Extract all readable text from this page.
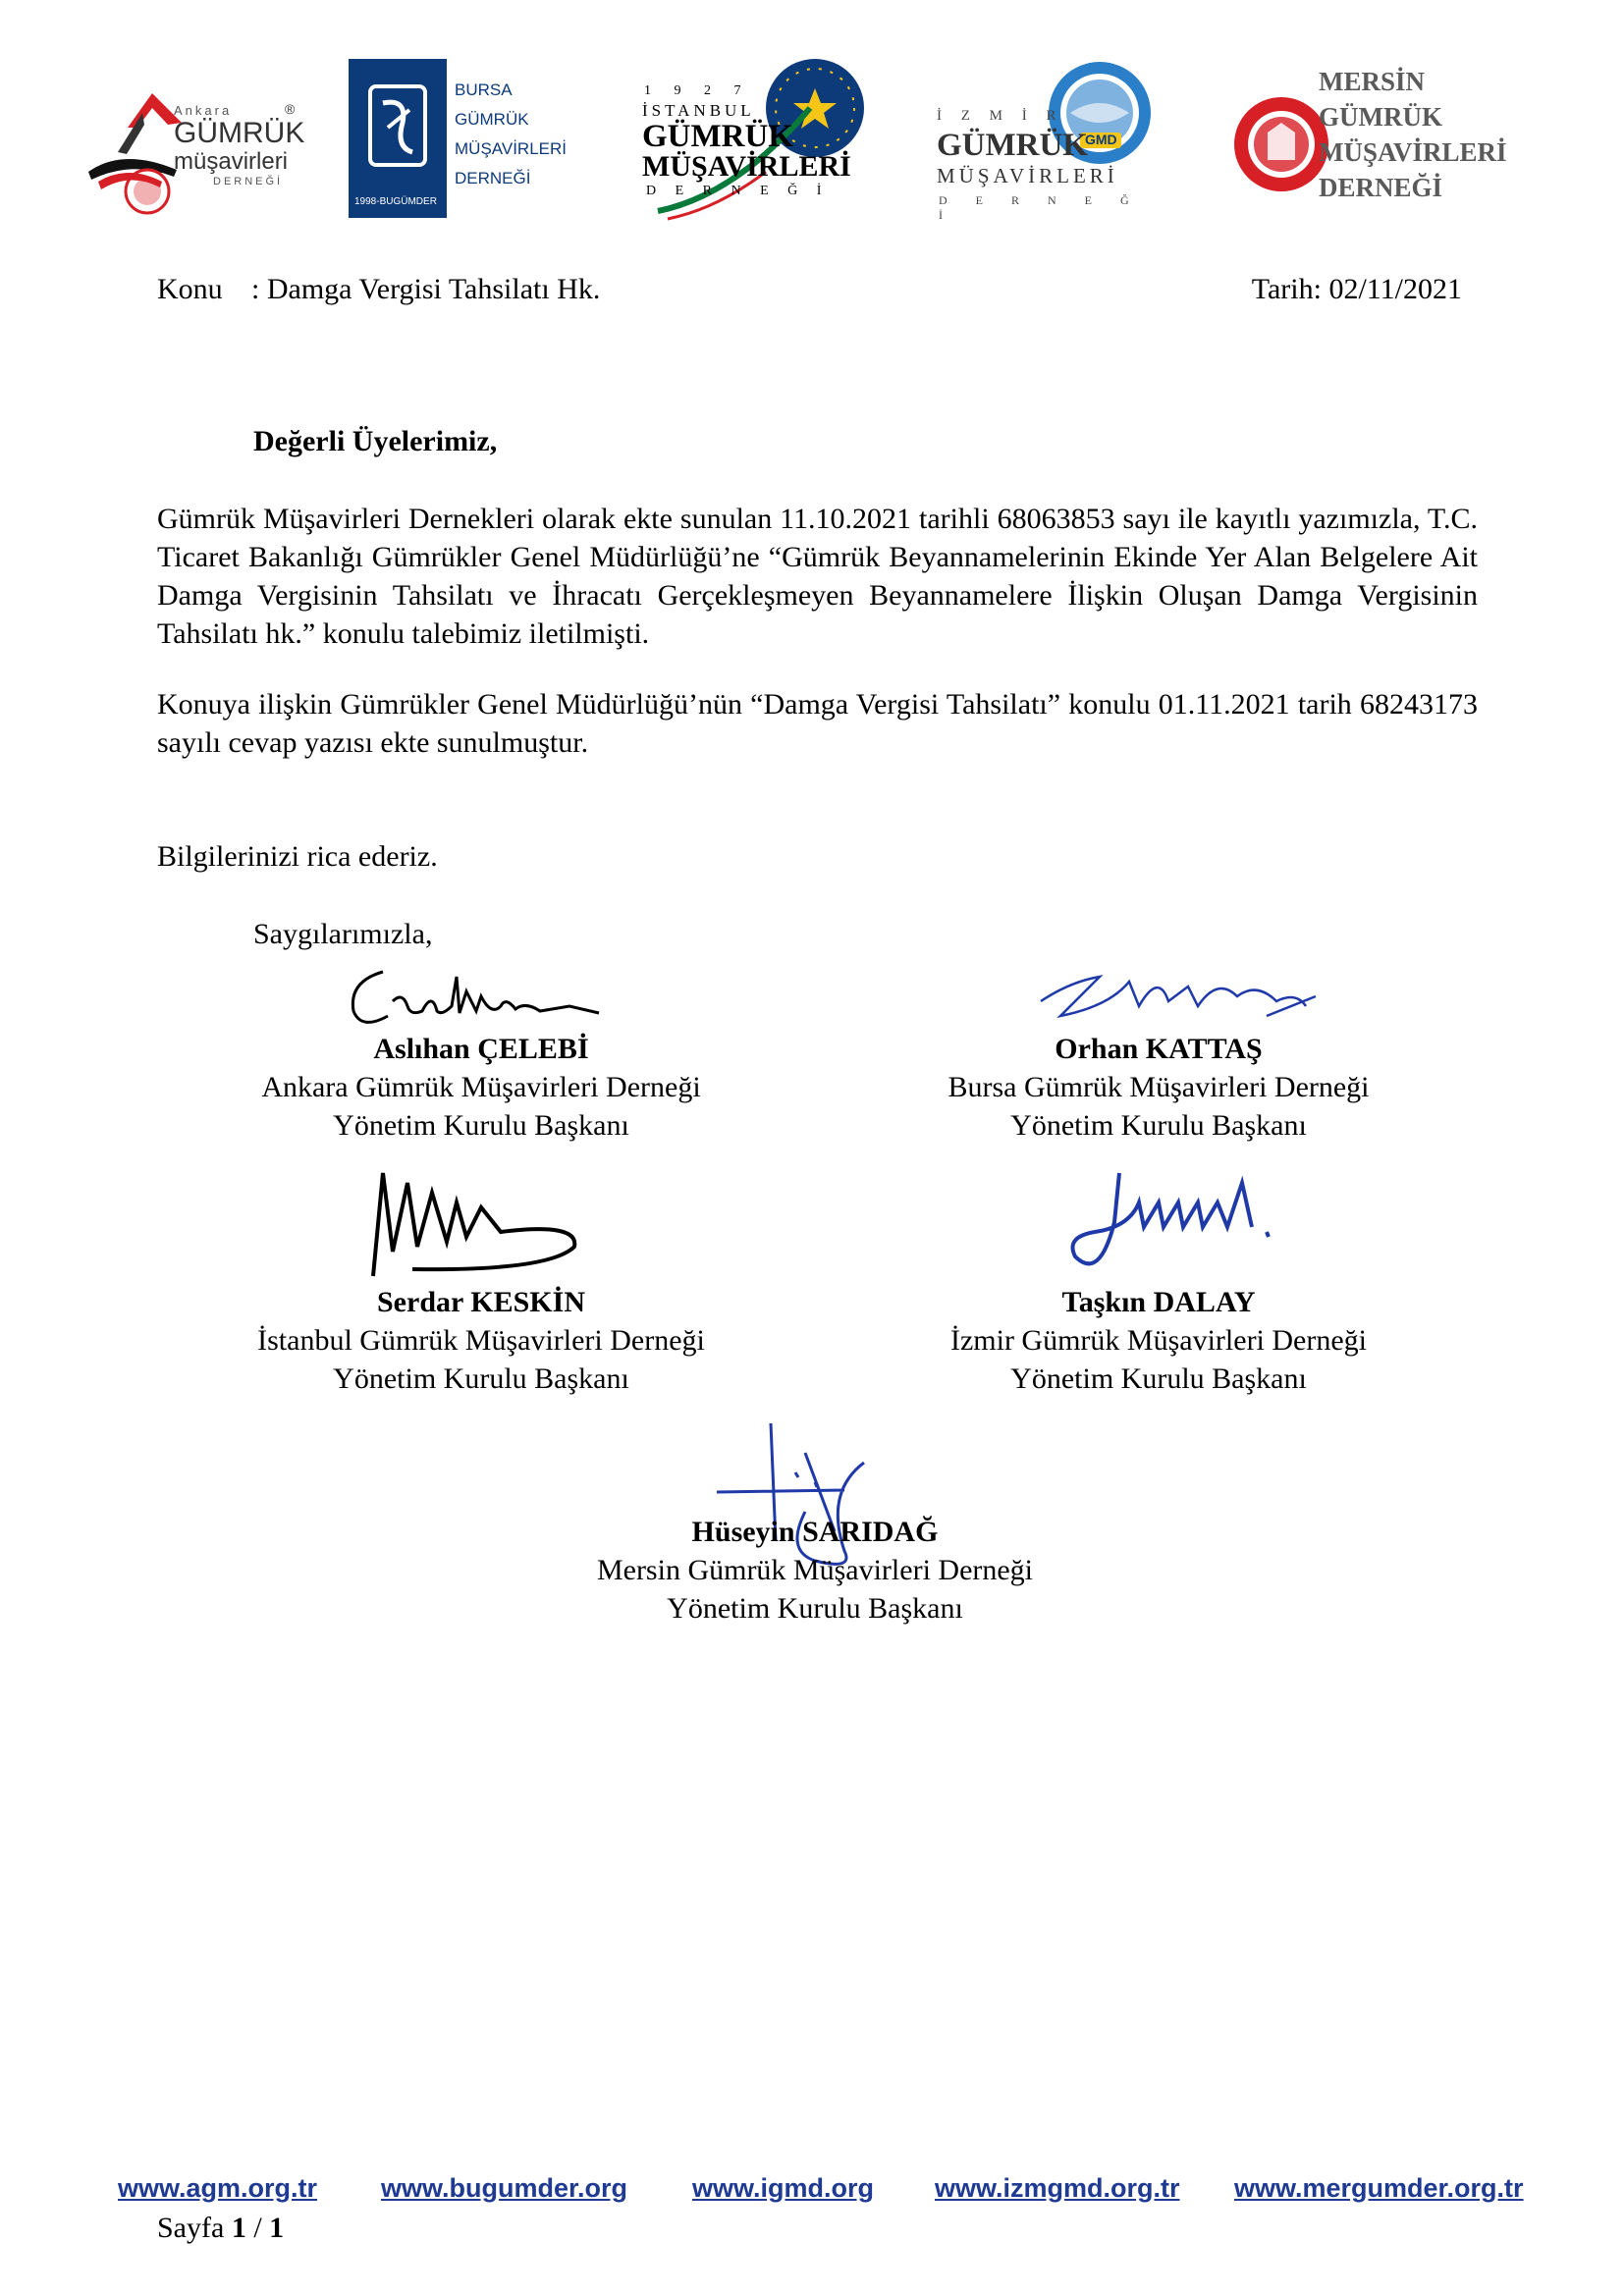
Ankara	®
GÜMRÜK
müşavirleri
DERNEĞİ
1998-BUGÜMDER
BURSA
GÜMRÜK
MÜŞAVİRLERİ
DERNEĞİ
1 9 2 7
İSTANBUL
GÜMRÜK
MÜŞAVİRLERİ
D E R N E Ğ İ
GMD
İ Z M İ R
GÜMRÜK
MÜŞAVİRLERİ
D E R N E Ğ İ
MERSİN
GÜMRÜK
MÜŞAVİRLERİ
DERNEĞİ
Konu : Damga Vergisi Tahsilatı Hk.	Tarih: 02/11/2021
Değerli Üyelerimiz,
Gümrük Müşavirleri Dernekleri olarak ekte sunulan 11.10.2021 tarihli 68063853 sayı ile kayıtlı yazımızla, T.C. Ticaret Bakanlığı Gümrükler Genel Müdürlüğü’ne “Gümrük Beyannamelerinin Ekinde Yer Alan Belgelere Ait Damga Vergisinin Tahsilatı ve İhracatı Gerçekleşmeyen Beyannamelere İlişkin Oluşan Damga Vergisinin Tahsilatı hk.” konulu talebimiz iletilmişti.
Konuya ilişkin Gümrükler Genel Müdürlüğü’nün “Damga Vergisi Tahsilatı” konulu 01.11.2021 tarih 68243173 sayılı cevap yazısı ekte sunulmuştur.
Bilgilerinizi rica ederiz.
Saygılarımızla,
Aslıhan ÇELEBİ
Ankara Gümrük Müşavirleri Derneği
Yönetim Kurulu Başkanı
Orhan KATTAŞ
Bursa Gümrük Müşavirleri Derneği
Yönetim Kurulu Başkanı
Serdar KESKİN
İstanbul Gümrük Müşavirleri Derneği
Yönetim Kurulu Başkanı
Taşkın DALAY
İzmir Gümrük Müşavirleri Derneği
Yönetim Kurulu Başkanı
Hüseyin SARIDAĞ
Mersin Gümrük Müşavirleri Derneği
Yönetim Kurulu Başkanı
www.agm.org.tr www.bugumder.org www.igmd.org www.izmgmd.org.tr www.mergumder.org.tr
Sayfa 1 / 1
